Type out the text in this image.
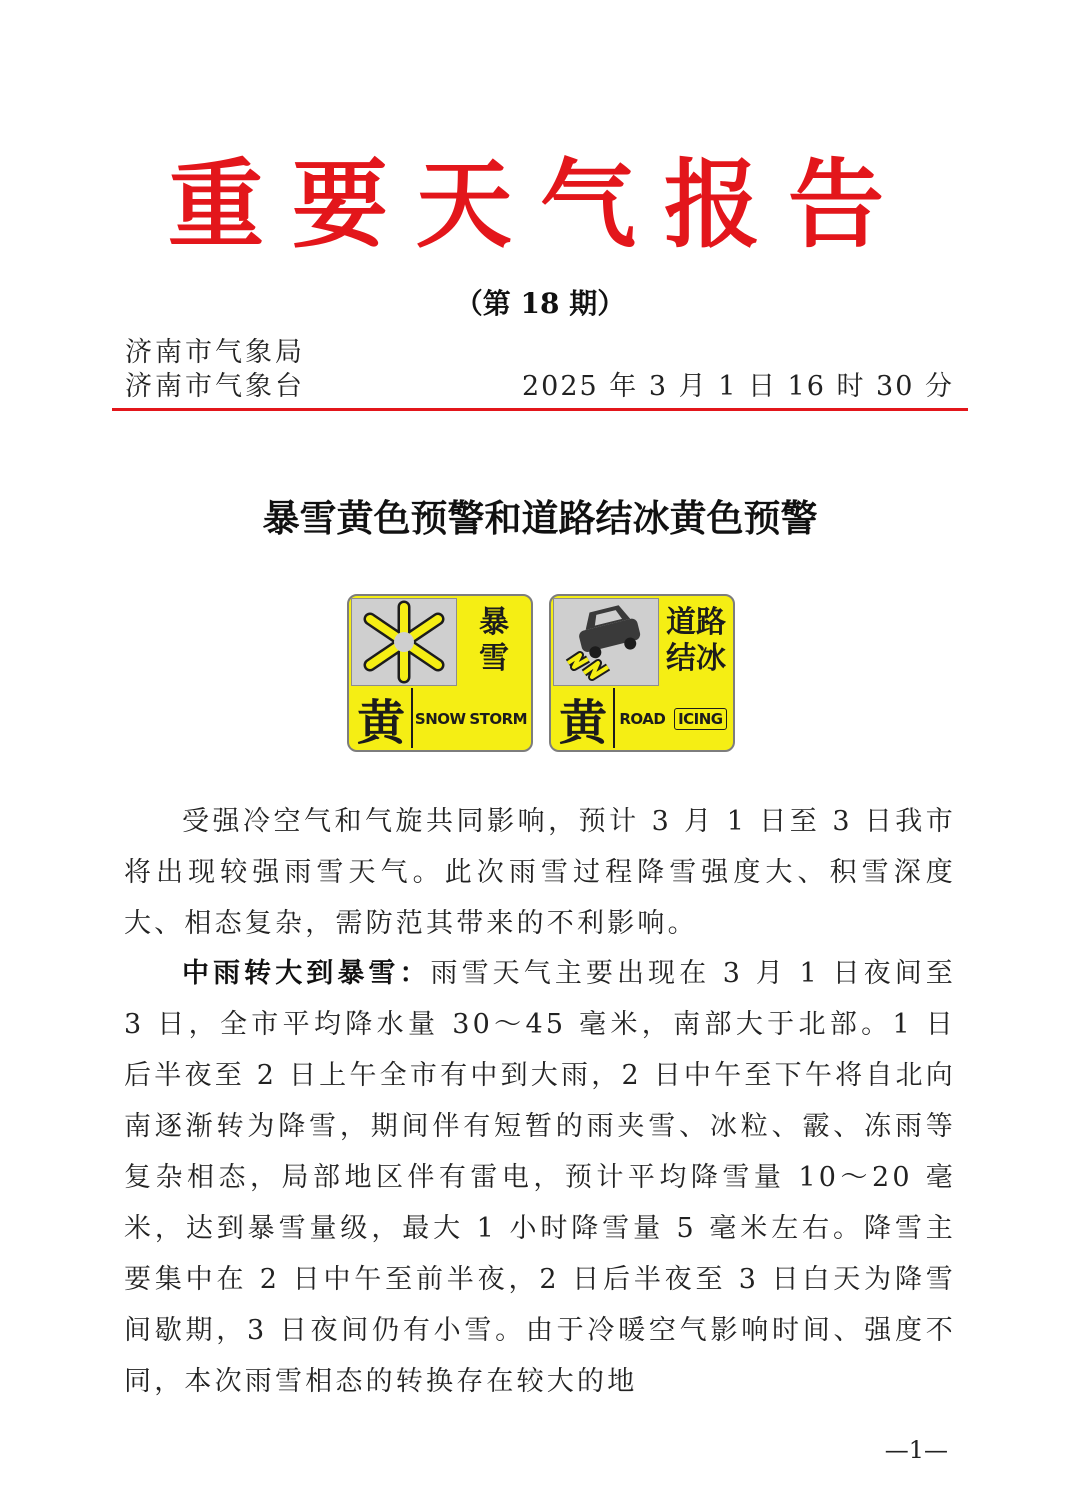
重要天气报告
（第 18 期）
济南市气象局
济南市气象台	2025 年 3 月 1 日 16 时 30 分
暴雪黄色预警和道路结冰黄色预警
暴
雪
黄 SNOW STORM
道路
结冰
黄 ROAD ICING
受强冷空气和气旋共同影响，预计 3 月 1 日至 3 日我市将出现较强雨雪天气。此次雨雪过程降雪强度大、积雪深度大、相态复杂，需防范其带来的不利影响。
中雨转大到暴雪：雨雪天气主要出现在 3 月 1 日夜间至 3 日，全市平均降水量 30～45 毫米，南部大于北部。1 日后半夜至 2 日上午全市有中到大雨，2 日中午至下午将自北向南逐渐转为降雪，期间伴有短暂的雨夹雪、冰粒、霰、冻雨等复杂相态，局部地区伴有雷电，预计平均降雪量 10～20 毫米，达到暴雪量级，最大 1 小时降雪量 5 毫米左右。降雪主要集中在 2 日中午至前半夜，2 日后半夜至 3 日白天为降雪间歇期，3 日夜间仍有小雪。由于冷暖空气影响时间、强度不同，本次雨雪相态的转换存在较大的地
—1—
